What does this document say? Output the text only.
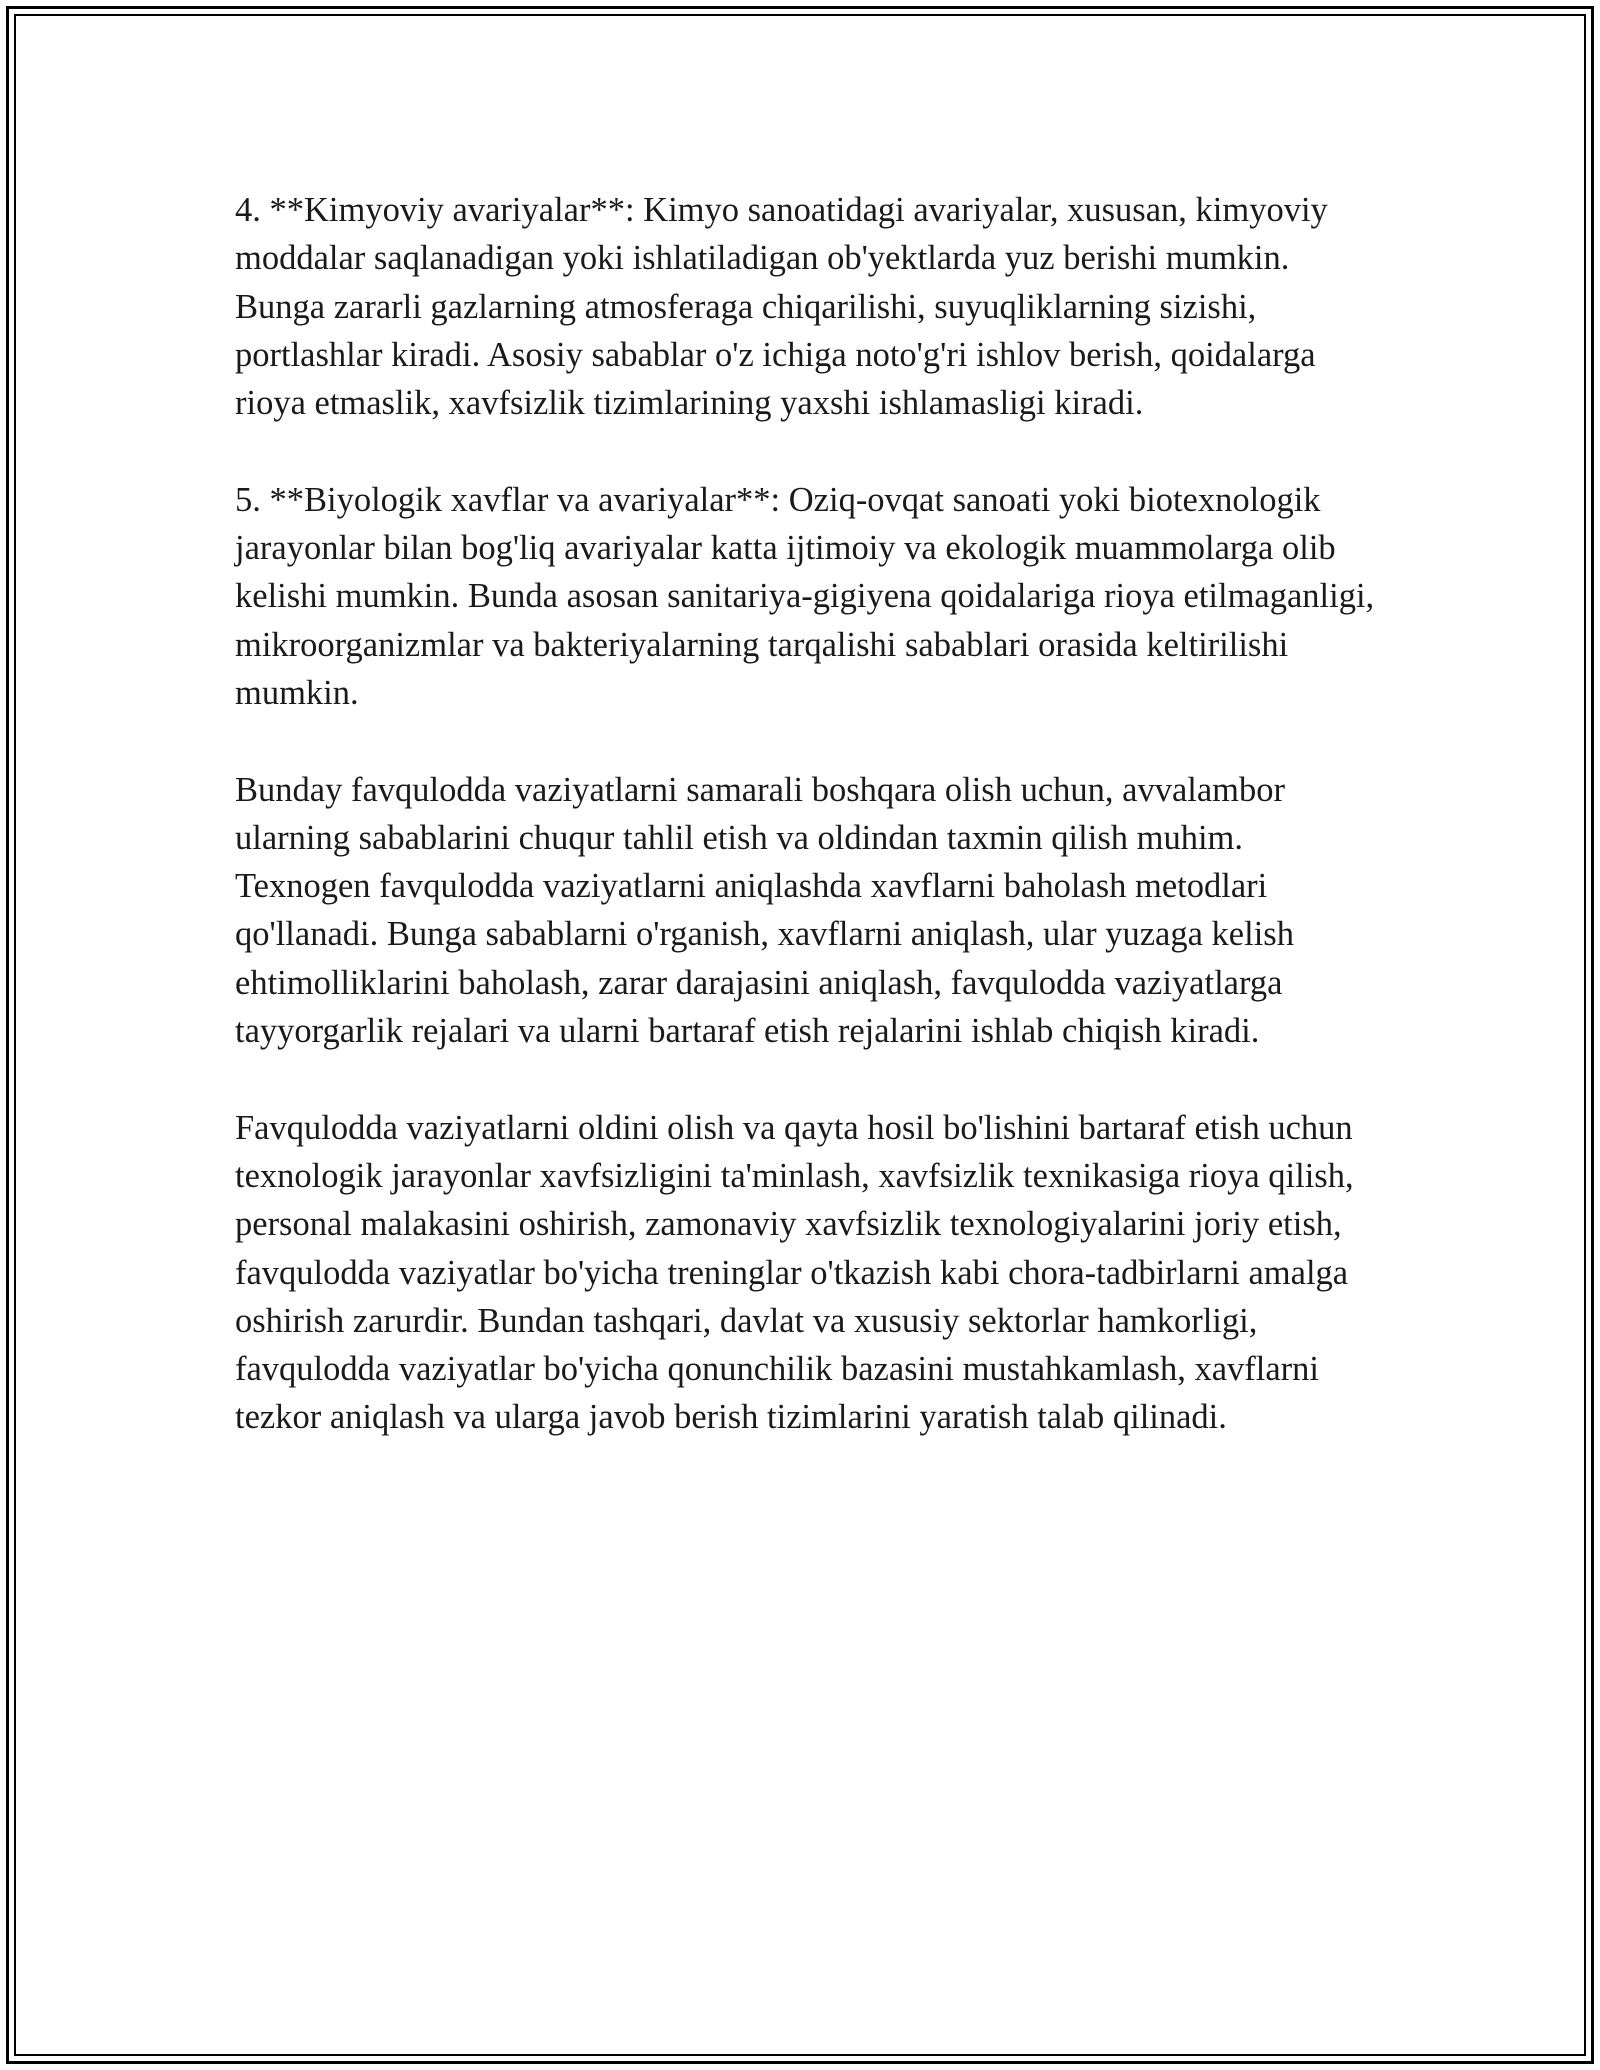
4. **Kimyoviy avariyalar**: Kimyo sanoatidagi avariyalar, xususan, kimyoviy moddalar saqlanadigan yoki ishlatiladigan ob'yektlarda yuz berishi mumkin. Bunga zararli gazlarning atmosferaga chiqarilishi, suyuqliklarning sizishi, portlashlar kiradi. Asosiy sabablar o'z ichiga noto'g'ri ishlov berish, qoidalarga rioya etmaslik, xavfsizlik tizimlarining yaxshi ishlamasligi kiradi.

5. **Biyologik xavflar va avariyalar**: Oziq-ovqat sanoati yoki biotexnologik jarayonlar bilan bog'liq avariyalar katta ijtimoiy va ekologik muammolarga olib kelishi mumkin. Bunda asosan sanitariya-gigiyena qoidalariga rioya etilmaganligi, mikroorganizmlar va bakteriyalarning tarqalishi sabablari orasida keltirilishi mumkin.

Bunday favqulodda vaziyatlarni samarali boshqara olish uchun, avvalambor ularning sabablarini chuqur tahlil etish va oldindan taxmin qilish muhim. Texnogen favqulodda vaziyatlarni aniqlashda xavflarni baholash metodlari qo'llanadi. Bunga sabablarni o'rganish, xavflarni aniqlash, ular yuzaga kelish ehtimolliklarini baholash, zarar darajasini aniqlash, favqulodda vaziyatlarga tayyorgarlik rejalari va ularni bartaraf etish rejalarini ishlab chiqish kiradi.

Favqulodda vaziyatlarni oldini olish va qayta hosil bo'lishini bartaraf etish uchun texnologik jarayonlar xavfsizligini ta'minlash, xavfsizlik texnikasiga rioya qilish, personal malakasini oshirish, zamonaviy xavfsizlik texnologiyalarini joriy etish, favqulodda vaziyatlar bo'yicha treninglar o'tkazish kabi chora-tadbirlarni amalga oshirish zarurdir. Bundan tashqari, davlat va xususiy sektorlar hamkorligi, favqulodda vaziyatlar bo'yicha qonunchilik bazasini mustahkamlash, xavflarni tezkor aniqlash va ularga javob berish tizimlarini yaratish talab qilinadi.
